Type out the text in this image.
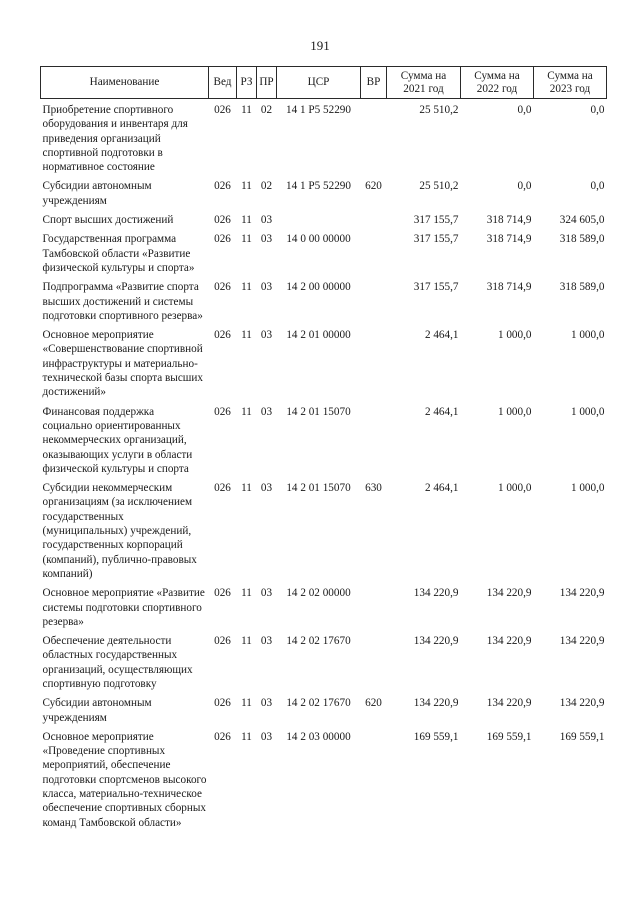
191
Наименование	Вед	РЗ	ПР	ЦСР	ВР	Сумма на 2021 год	Сумма на 2022 год	Сумма на 2023 год
Приобретение спортивного оборудования и инвентаря для приведения организаций спортивной подготовки в нормативное состояние	026	11	02	14 1 P5 52290		25 510,2	0,0	0,0
Субсидии автономным учреждениям	026	11	02	14 1 P5 52290	620	25 510,2	0,0	0,0
Спорт высших достижений	026	11	03			317 155,7	318 714,9	324 605,0
Государственная программа Тамбовской области «Развитие физической культуры и спорта»	026	11	03	14 0 00 00000		317 155,7	318 714,9	318 589,0
Подпрограмма «Развитие спорта высших достижений и системы подготовки спортивного резерва»	026	11	03	14 2 00 00000		317 155,7	318 714,9	318 589,0
Основное мероприятие «Совершенствование спортивной инфраструктуры и материально-технической базы спорта высших достижений»	026	11	03	14 2 01 00000		2 464,1	1 000,0	1 000,0
Финансовая поддержка социально ориентированных некоммерческих организаций, оказывающих услуги в области физической культуры и спорта	026	11	03	14 2 01 15070		2 464,1	1 000,0	1 000,0
Субсидии некоммерческим организациям (за исключением государственных (муниципальных) учреждений, государственных корпораций (компаний), публично-правовых компаний)	026	11	03	14 2 01 15070	630	2 464,1	1 000,0	1 000,0
Основное мероприятие «Развитие системы подготовки спортивного резерва»	026	11	03	14 2 02 00000		134 220,9	134 220,9	134 220,9
Обеспечение деятельности областных государственных организаций, осуществляющих спортивную подготовку	026	11	03	14 2 02 17670		134 220,9	134 220,9	134 220,9
Субсидии автономным учреждениям	026	11	03	14 2 02 17670	620	134 220,9	134 220,9	134 220,9
Основное мероприятие «Проведение спортивных мероприятий, обеспечение подготовки спортсменов высокого класса, материально-техническое обеспечение спортивных сборных команд Тамбовской области»	026	11	03	14 2 03 00000		169 559,1	169 559,1	169 559,1
